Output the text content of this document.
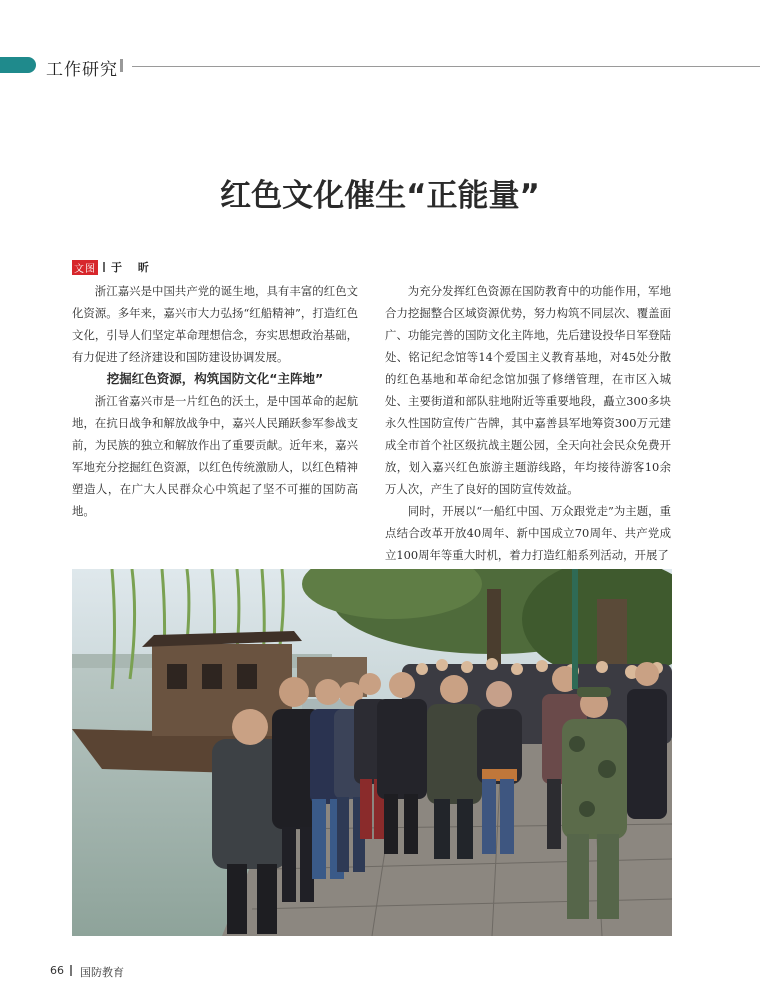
工作研究
红色文化催生“正能量”
文图 于 昕

浙江嘉兴是中国共产党的诞生地，具有丰富的红色文化资源。多年来，嘉兴市大力弘扬“红船精神”，打造红色文化，引导人们坚定革命理想信念，夯实思想政治基础，有力促进了经济建设和国防建设协调发展。

挖掘红色资源，构筑国防文化“主阵地”

浙江省嘉兴市是一片红色的沃土，是中国革命的起航地，在抗日战争和解放战争中，嘉兴人民踊跃参军参战支前，为民族的独立和解放作出了重要贡献。近年来，嘉兴军地充分挖掘红色资源，以红色传统激励人，以红色精神塑造人，在广大人民群众心中筑起了坚不可摧的国防高地。

为充分发挥红色资源在国防教育中的功能作用，军地合力挖掘整合区域资源优势，努力构筑不同层次、覆盖面广、功能完善的国防文化主阵地，先后建设投华日军登陆处、铭记纪念馆等14个爱国主义教育基地，对45处分散的红色基地和革命纪念馆加强了修缮管理，在市区入城处、主要街道和部队驻地附近等重要地段，矗立300多块永久性国防宣传广告牌，其中嘉善县军地筹资300万元建成全市首个社区级抗战主题公园，全天向社会民众免费开放，划入嘉兴红色旅游主题游线路，年均接待游客10余万人次，产生了良好的国防宣传效益。

同时，开展以“一船红中国、万众跟党走”为主题，重点结合改革开放40周年、新中国成立70周年、共产党成立100周年等重大时机，着力打造红船系列活动，开展了

66 国防教育
